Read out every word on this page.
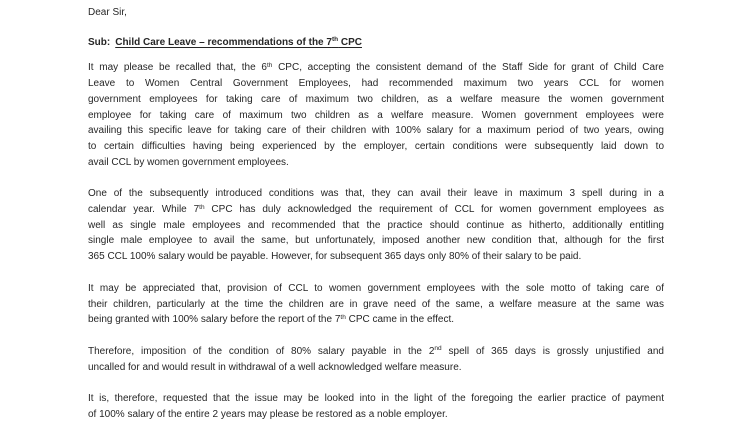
Dear Sir,
Sub: Child Care Leave – recommendations of the 7th CPC
It may please be recalled that, the 6th CPC, accepting the consistent demand of the Staff Side for grant of Child Care
Leave to Women Central Government Employees, had recommended maximum two years CCL for women
government employees for taking care of maximum two children, as a welfare measure the women government
employee for taking care of maximum two children as a welfare measure. Women government employees were
availing this specific leave for taking care of their children with 100% salary for a maximum period of two years, owing
to certain difficulties having being experienced by the employer, certain conditions were subsequently laid down to
avail CCL by women government employees.
One of the subsequently introduced conditions was that, they can avail their leave in maximum 3 spell during in a
calendar year. While 7th CPC has duly acknowledged the requirement of CCL for women government employees as
well as single male employees and recommended that the practice should continue as hitherto, additionally entitling
single male employee to avail the same, but unfortunately, imposed another new condition that, although for the first
365 CCL 100% salary would be payable. However, for subsequent 365 days only 80% of their salary to be paid.
It may be appreciated that, provision of CCL to women government employees with the sole motto of taking care of
their children, particularly at the time the children are in grave need of the same, a welfare measure at the same was
being granted with 100% salary before the report of the 7th CPC came in the effect.
Therefore, imposition of the condition of 80% salary payable in the 2nd spell of 365 days is grossly unjustified and
uncalled for and would result in withdrawal of a well acknowledged welfare measure.
It is, therefore, requested that the issue may be looked into in the light of the foregoing the earlier practice of payment
of 100% salary of the entire 2 years may please be restored as a noble employer.
